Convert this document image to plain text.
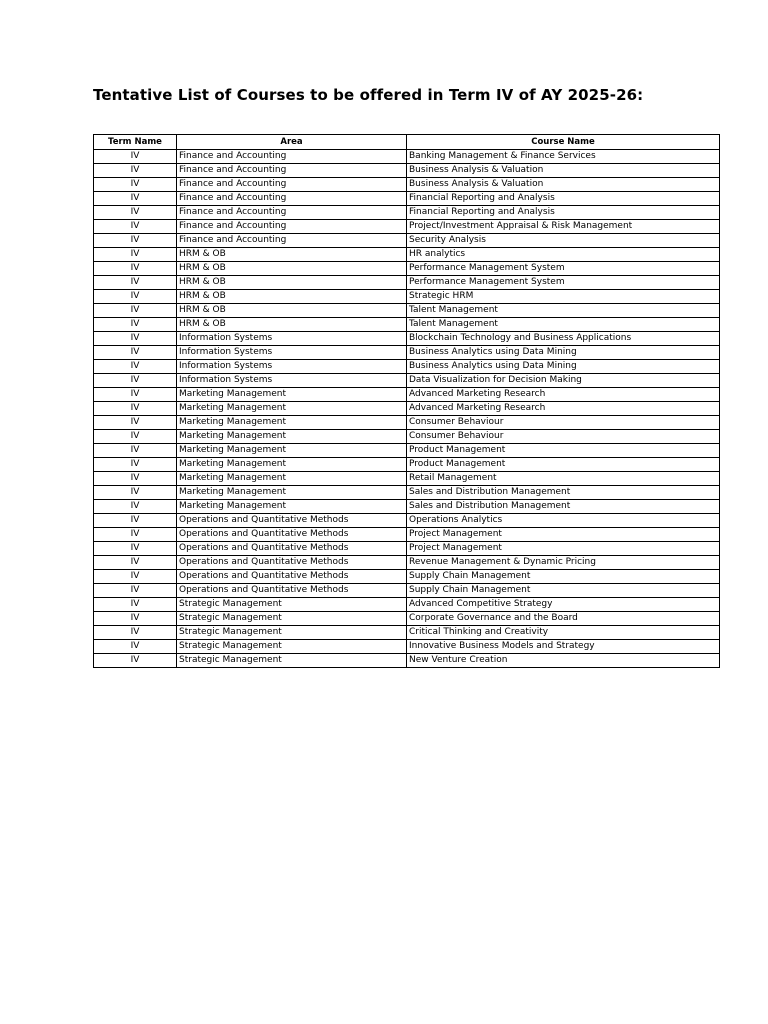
Tentative List of Courses to be offered in Term IV of AY 2025-26:
Term Name	Area	Course Name
IV	Finance and Accounting	Banking Management & Finance Services
IV	Finance and Accounting	Business Analysis & Valuation
IV	Finance and Accounting	Business Analysis & Valuation
IV	Finance and Accounting	Financial Reporting and Analysis
IV	Finance and Accounting	Financial Reporting and Analysis
IV	Finance and Accounting	Project/Investment Appraisal & Risk Management
IV	Finance and Accounting	Security Analysis
IV	HRM & OB	HR analytics
IV	HRM & OB	Performance Management System
IV	HRM & OB	Performance Management System
IV	HRM & OB	Strategic HRM
IV	HRM & OB	Talent Management
IV	HRM & OB	Talent Management
IV	Information Systems	Blockchain Technology and Business Applications
IV	Information Systems	Business Analytics using Data Mining
IV	Information Systems	Business Analytics using Data Mining
IV	Information Systems	Data Visualization for Decision Making
IV	Marketing Management	Advanced Marketing Research
IV	Marketing Management	Advanced Marketing Research
IV	Marketing Management	Consumer Behaviour
IV	Marketing Management	Consumer Behaviour
IV	Marketing Management	Product Management
IV	Marketing Management	Product Management
IV	Marketing Management	Retail Management
IV	Marketing Management	Sales and Distribution Management
IV	Marketing Management	Sales and Distribution Management
IV	Operations and Quantitative Methods	Operations Analytics
IV	Operations and Quantitative Methods	Project Management
IV	Operations and Quantitative Methods	Project Management
IV	Operations and Quantitative Methods	Revenue Management & Dynamic Pricing
IV	Operations and Quantitative Methods	Supply Chain Management
IV	Operations and Quantitative Methods	Supply Chain Management
IV	Strategic Management	Advanced Competitive Strategy
IV	Strategic Management	Corporate Governance and the Board
IV	Strategic Management	Critical Thinking and Creativity
IV	Strategic Management	Innovative Business Models and Strategy
IV	Strategic Management	New Venture Creation
